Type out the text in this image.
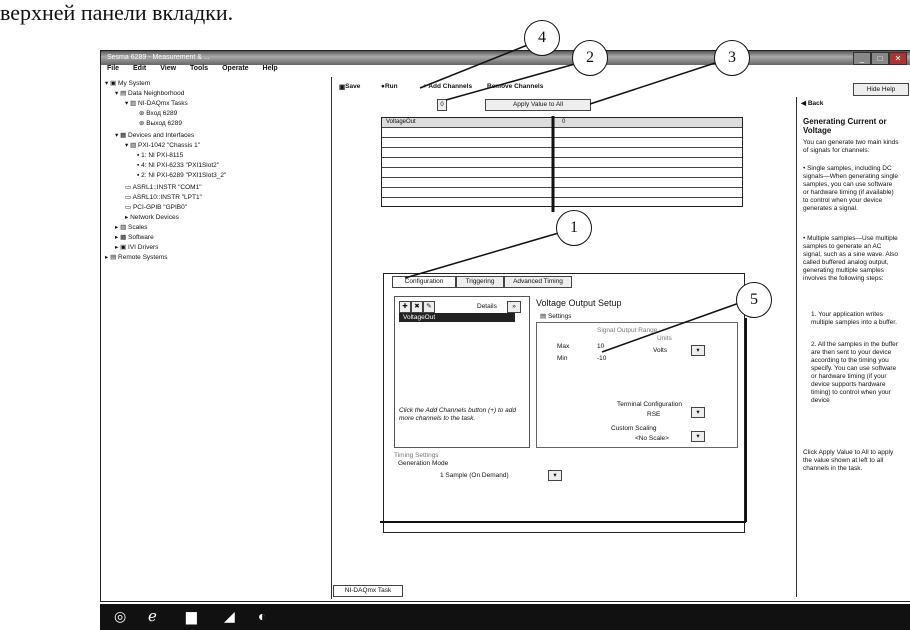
верхней панели вкладки.
Sesma 6289 - Measurement & ...	_	□	✕
File Edit View Tools Operate Help
▾ ▣ My System
▾ ▤ Data Neighborhood
▾ ▥ NI-DAQmx Tasks
⊛ Вход 6289
⊛ Выход 6289
▾ ▦ Devices and Interfaces
▾ ▧ PXI-1042 "Chassis 1"
▪ 1: NI PXI-8115
▪ 4: NI PXI-6233 "PXI1Slot2"
▪ 2: NI PXI-6289 "PXI1Slot3_2"
▭ ASRL1::INSTR "COM1"
▭ ASRL10::INSTR "LPT1"
▭ PCI-GPIB "GPIB0"
▸ Network Devices
▸ ▨ Scales
▸ ▩ Software
▸ ▣ IVI Drivers
▸ ▤ Remote Systems
▣ Save	● Run	+ Add Channels Remove Channels	Hide Help
0	Apply Value to All
VoltageOut	0
Configuration	Triggering	Advanced Timing
✚	✖	✎	Details	»
VoltageOut
Click the Add Channels button (+) to add more channels to the task.
Voltage Output Setup
▤ Settings
Signal Output Range
Max	10
Min	-10
Units
Volts	▾
Terminal Configuration
RSE	▾
Custom Scaling
<No Scale>	▾
Timing Settings
Generation Mode
1 Sample (On Demand)	▾
NI-DAQmx Task
◀ Back
Generating Current or Voltage
You can generate two main kinds of signals for channels:
• Single samples, including DC signals—When generating single samples, you can use software or hardware timing (if available) to control when your device generates a signal.
• Multiple samples—Use multiple samples to generate an AC signal, such as a sine wave. Also called buffered analog output, generating multiple samples involves the following steps:
1. Your application writes multiple samples into a buffer.
2. All the samples in the buffer are then sent to your device according to the timing you specify. You can use software or hardware timing (if your device supports hardware timing) to control when your device
Click Apply Value to All to apply the value shown at left to all channels in the task.
4
2	3
1
5
◎ ℯ ▆ ◢ ◐
